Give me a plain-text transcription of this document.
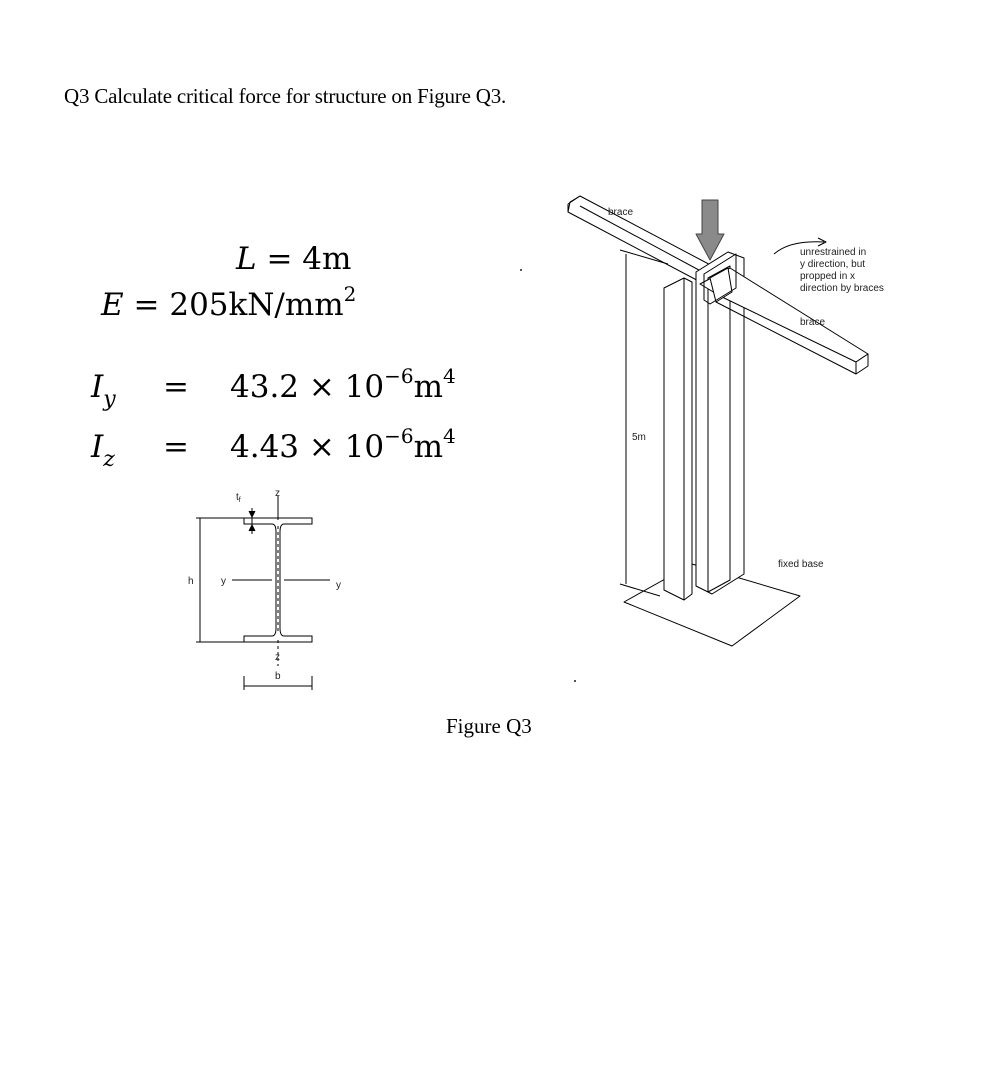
Q3 Calculate critical force for structure on Figure Q3.
L = 4m
$E = 205kN/mm^2$
$I_y = 43.2 \times 10^{-6}m^4$
$I_z = 4.43 \times 10^{-6}m^4$
$t_f$
z
z
y	y
h
b
brace
brace
5m
unrestrained in
y direction, but
propped in x
direction by braces
fixed base
Figure Q3
